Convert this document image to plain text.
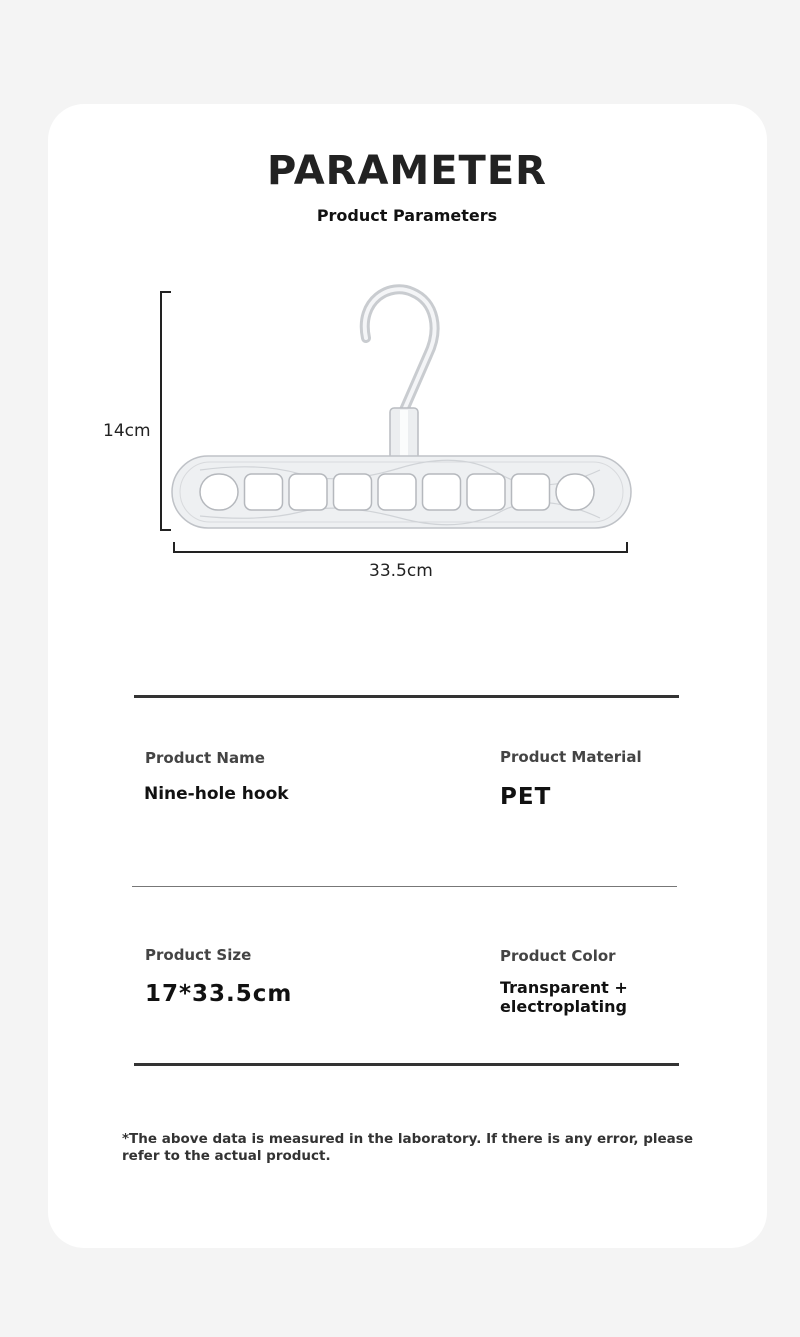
PARAMETER
Product Parameters
14cm
33.5cm
Product Name
Nine-hole hook
Product Material
PET
Product Size
17*33.5cm
Product Color
Transparent +
electroplating
*The above data is measured in the laboratory. If there is any error, please refer to the actual product.
